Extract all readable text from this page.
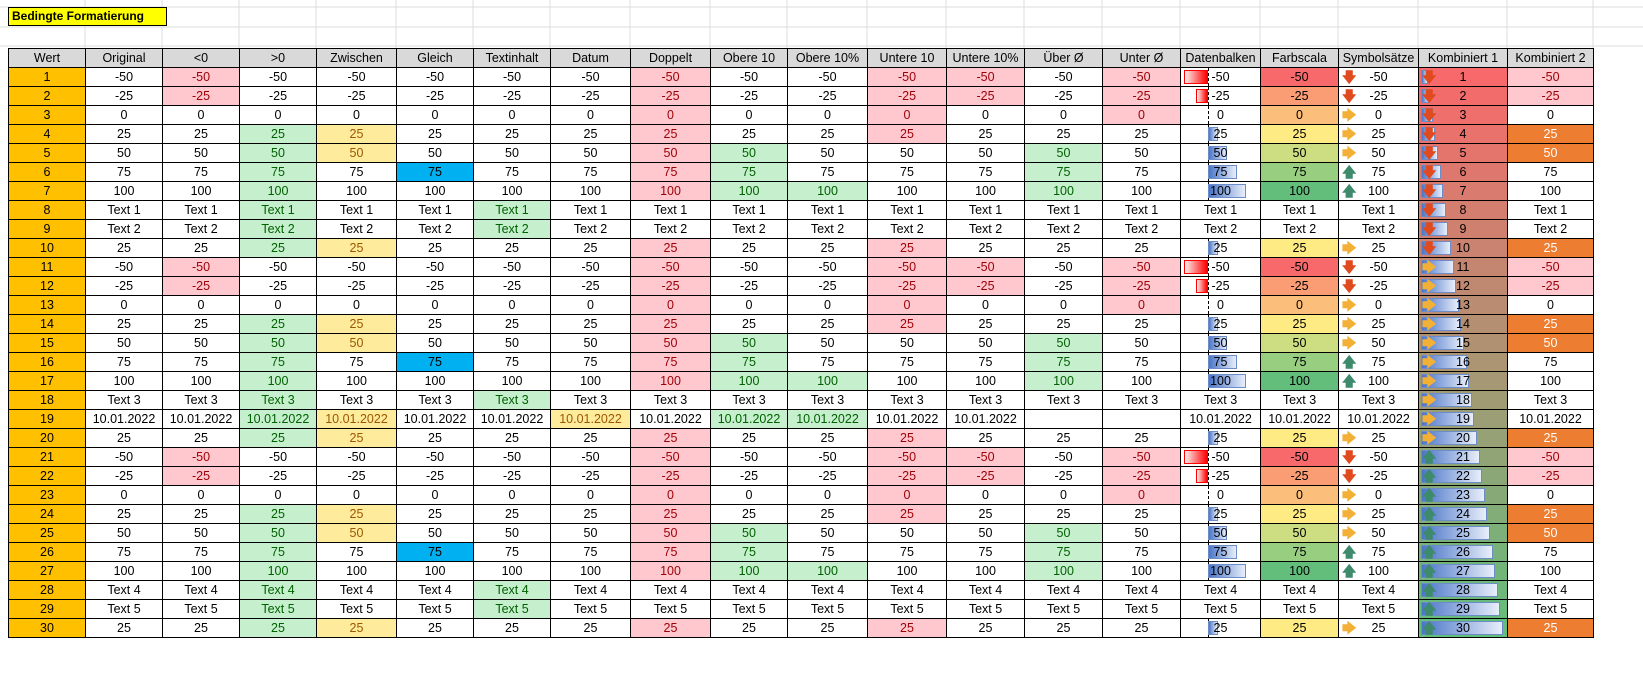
Bedingte Formatierung
Wert	Original	<0	>0	Zwischen	Gleich	Textinhalt	Datum	Doppelt	Obere 10	Obere 10%	Untere 10	Untere 10%	Über Ø	Unter Ø	Datenbalken	Farbscala	Symbolsätze	Kombiniert 1	Kombiniert 2
1	-50	-50	-50	-50	-50	-50	-50	-50	-50	-50	-50	-50	-50	-50	-50	-50	🡇 -50	🡇 1	-50
2	-25	-25	-25	-25	-25	-25	-25	-25	-25	-25	-25	-25	-25	-25	-25	-25	🡇 -25	🡇 2	-25
3	0	0	0	0	0	0	0	0	0	0	0	0	0	0	0	0	🡆 0	🡇 3	0
4	25	25	25	25	25	25	25	25	25	25	25	25	25	25	25	25	🡆 25	🡇 4	25
5	50	50	50	50	50	50	50	50	50	50	50	50	50	50	50	50	🡆 50	🡇 5	50
6	75	75	75	75	75	75	75	75	75	75	75	75	75	75	75	75	🡅 75	🡇 6	75
7	100	100	100	100	100	100	100	100	100	100	100	100	100	100	100	100	🡅 100	🡇 7	100
8	Text 1	Text 1	Text 1	Text 1	Text 1	Text 1	Text 1	Text 1	Text 1	Text 1	Text 1	Text 1	Text 1	Text 1	Text 1	Text 1	Text 1	🡇 8	Text 1
9	Text 2	Text 2	Text 2	Text 2	Text 2	Text 2	Text 2	Text 2	Text 2	Text 2	Text 2	Text 2	Text 2	Text 2	Text 2	Text 2	Text 2	🡇 9	Text 2
10	25	25	25	25	25	25	25	25	25	25	25	25	25	25	25	25	🡆 25	🡇 10	25
11	-50	-50	-50	-50	-50	-50	-50	-50	-50	-50	-50	-50	-50	-50	-50	-50	🡇 -50	🡆 11	-50
12	-25	-25	-25	-25	-25	-25	-25	-25	-25	-25	-25	-25	-25	-25	-25	-25	🡇 -25	🡆 12	-25
13	0	0	0	0	0	0	0	0	0	0	0	0	0	0	0	0	🡆 0	🡆 13	0
14	25	25	25	25	25	25	25	25	25	25	25	25	25	25	25	25	🡆 25	🡆 14	25
15	50	50	50	50	50	50	50	50	50	50	50	50	50	50	50	50	🡆 50	🡆 15	50
16	75	75	75	75	75	75	75	75	75	75	75	75	75	75	75	75	🡅 75	🡆 16	75
17	100	100	100	100	100	100	100	100	100	100	100	100	100	100	100	100	🡅 100	🡆 17	100
18	Text 3	Text 3	Text 3	Text 3	Text 3	Text 3	Text 3	Text 3	Text 3	Text 3	Text 3	Text 3	Text 3	Text 3	Text 3	Text 3	Text 3	🡆 18	Text 3
19	10.01.2022	10.01.2022	10.01.2022	10.01.2022	10.01.2022	10.01.2022	10.01.2022	10.01.2022	10.01.2022	10.01.2022	10.01.2022	10.01.2022			10.01.2022	10.01.2022	10.01.2022	🡆 19	10.01.2022
20	25	25	25	25	25	25	25	25	25	25	25	25	25	25	25	25	🡆 25	🡆 20	25
21	-50	-50	-50	-50	-50	-50	-50	-50	-50	-50	-50	-50	-50	-50	-50	-50	🡇 -50	🡅 21	-50
22	-25	-25	-25	-25	-25	-25	-25	-25	-25	-25	-25	-25	-25	-25	-25	-25	🡇 -25	🡅 22	-25
23	0	0	0	0	0	0	0	0	0	0	0	0	0	0	0	0	🡆 0	🡅 23	0
24	25	25	25	25	25	25	25	25	25	25	25	25	25	25	25	25	🡆 25	🡅 24	25
25	50	50	50	50	50	50	50	50	50	50	50	50	50	50	50	50	🡆 50	🡅 25	50
26	75	75	75	75	75	75	75	75	75	75	75	75	75	75	75	75	🡅 75	🡅 26	75
27	100	100	100	100	100	100	100	100	100	100	100	100	100	100	100	100	🡅 100	🡅 27	100
28	Text 4	Text 4	Text 4	Text 4	Text 4	Text 4	Text 4	Text 4	Text 4	Text 4	Text 4	Text 4	Text 4	Text 4	Text 4	Text 4	Text 4	🡅 28	Text 4
29	Text 5	Text 5	Text 5	Text 5	Text 5	Text 5	Text 5	Text 5	Text 5	Text 5	Text 5	Text 5	Text 5	Text 5	Text 5	Text 5	Text 5	🡅 29	Text 5
30	25	25	25	25	25	25	25	25	25	25	25	25	25	25	25	25	🡆 25	🡅 30	25
